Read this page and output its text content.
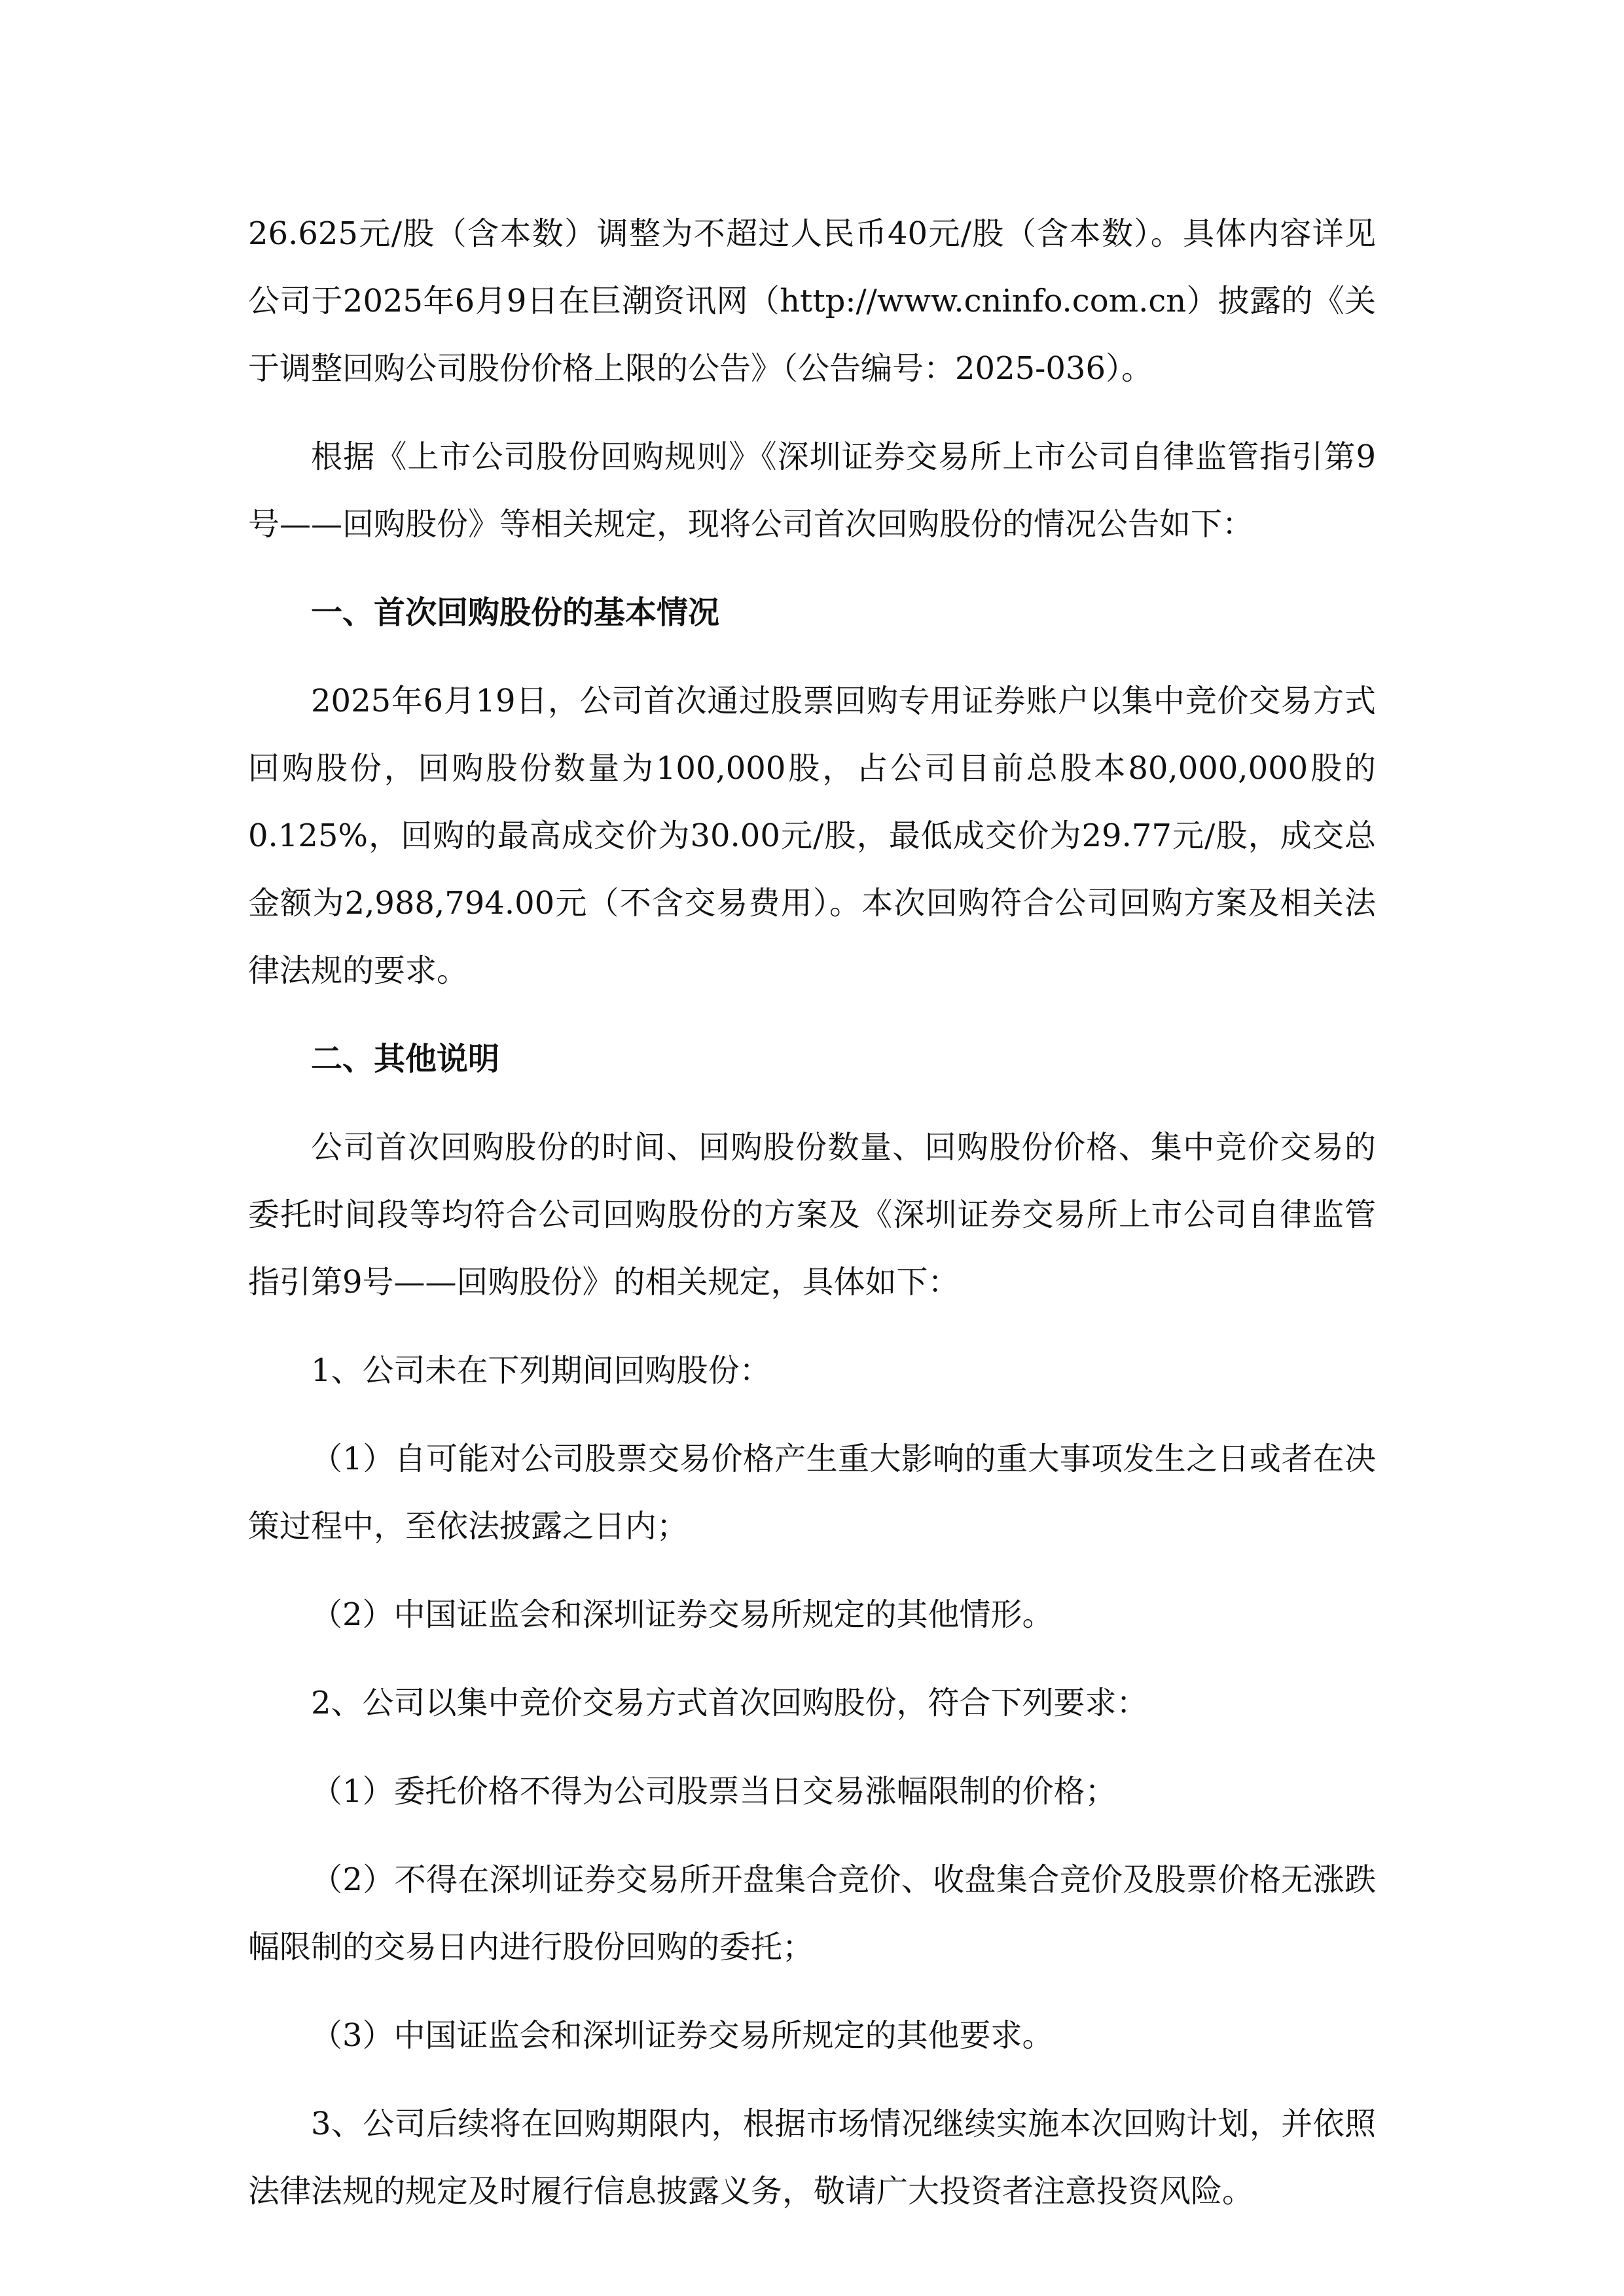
26.625元/股（含本数）调整为不超过人民币40元/股（含本数）。具体内容详见公司于2025年6月9日在巨潮资讯网（http://www.cninfo.com.cn）披露的《关于调整回购公司股份价格上限的公告》（公告编号：2025-036）。

根据《上市公司股份回购规则》《深圳证券交易所上市公司自律监管指引第9号——回购股份》等相关规定，现将公司首次回购股份的情况公告如下：

一、首次回购股份的基本情况

2025年6月19日，公司首次通过股票回购专用证券账户以集中竞价交易方式回购股份，回购股份数量为100,000股，占公司目前总股本80,000,000股的0.125%，回购的最高成交价为30.00元/股，最低成交价为29.77元/股，成交总金额为2,988,794.00元（不含交易费用）。本次回购符合公司回购方案及相关法律法规的要求。

二、其他说明

公司首次回购股份的时间、回购股份数量、回购股份价格、集中竞价交易的委托时间段等均符合公司回购股份的方案及《深圳证券交易所上市公司自律监管指引第9号——回购股份》的相关规定，具体如下：

1、公司未在下列期间回购股份：

（1）自可能对公司股票交易价格产生重大影响的重大事项发生之日或者在决策过程中，至依法披露之日内；

（2）中国证监会和深圳证券交易所规定的其他情形。

2、公司以集中竞价交易方式首次回购股份，符合下列要求：

（1）委托价格不得为公司股票当日交易涨幅限制的价格；

（2）不得在深圳证券交易所开盘集合竞价、收盘集合竞价及股票价格无涨跌幅限制的交易日内进行股份回购的委托；

（3）中国证监会和深圳证券交易所规定的其他要求。

3、公司后续将在回购期限内，根据市场情况继续实施本次回购计划，并依照法律法规的规定及时履行信息披露义务，敬请广大投资者注意投资风险。
